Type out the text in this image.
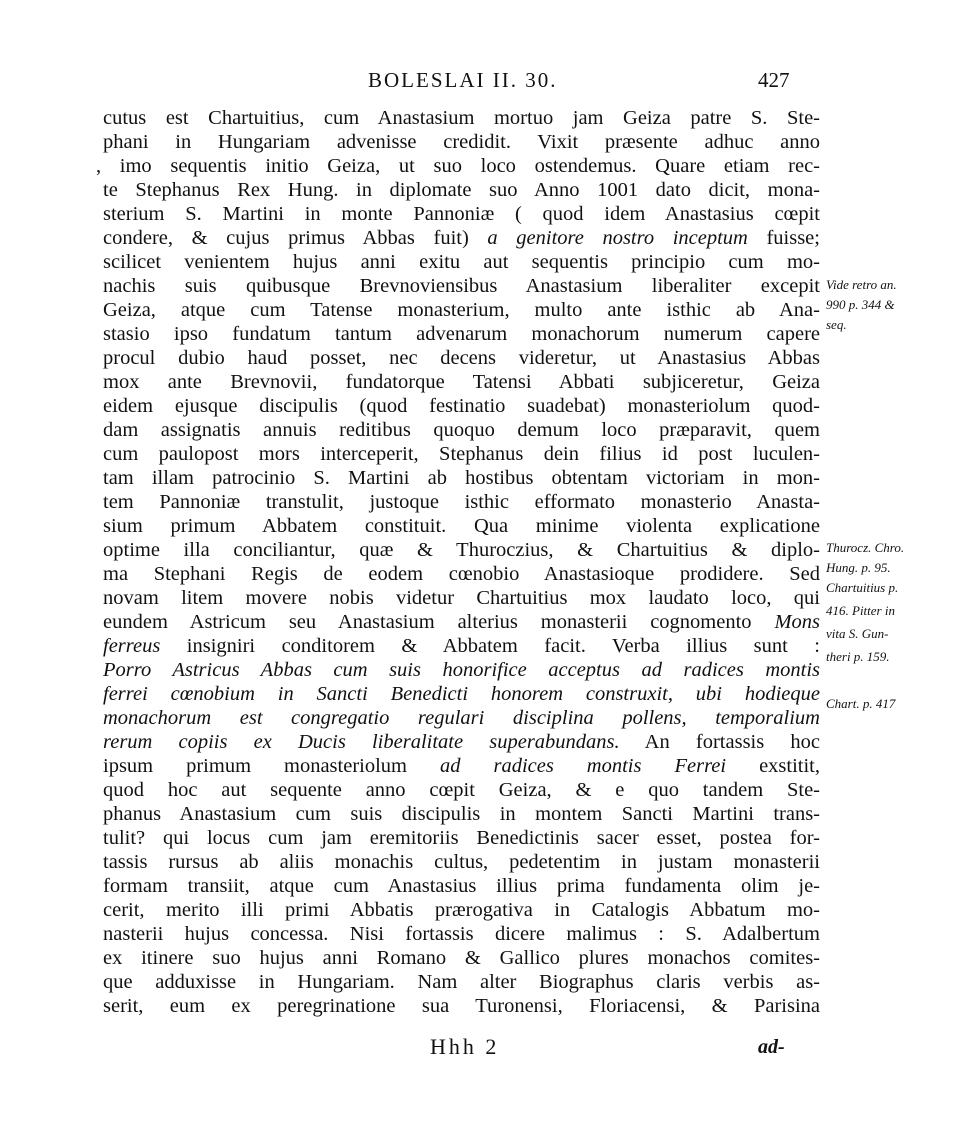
BOLESLAI II. 30.	427
cutus est Chartuitius, cum Anastasium mortuo jam Geiza patre S. Ste-
phani in Hungariam advenisse credidit. Vixit præsente adhuc anno
, imo sequentis initio Geiza, ut suo loco ostendemus. Quare etiam rec-
te Stephanus Rex Hung. in diplomate suo Anno 1001 dato dicit, mona-
sterium S. Martini in monte Pannoniæ ( quod idem Anastasius cœpit
condere, & cujus primus Abbas fuit) a genitore nostro inceptum fuisse;
scilicet venientem hujus anni exitu aut sequentis principio cum mo-
nachis suis quibusque Brevnoviensibus Anastasium liberaliter excepit
Geiza, atque cum Tatense monasterium, multo ante isthic ab Ana-
stasio ipso fundatum tantum advenarum monachorum numerum capere
procul dubio haud posset, nec decens videretur, ut Anastasius Abbas
mox ante Brevnovii, fundatorque Tatensi Abbati subjiceretur, Geiza
eidem ejusque discipulis (quod festinatio suadebat) monasteriolum quod-
dam assignatis annuis reditibus quoquo demum loco præparavit, quem
cum paulopost mors interceperit, Stephanus dein filius id post luculen-
tam illam patrocinio S. Martini ab hostibus obtentam victoriam in mon-
tem Pannoniæ transtulit, justoque isthic efformato monasterio Anasta-
sium primum Abbatem constituit. Qua minime violenta explicatione
optime illa conciliantur, quæ & Thuroczius, & Chartuitius & diplo-
ma Stephani Regis de eodem cœnobio Anastasioque prodidere. Sed
novam litem movere nobis videtur Chartuitius mox laudato loco, qui
eundem Astricum seu Anastasium alterius monasterii cognomento Mons
ferreus insigniri conditorem & Abbatem facit. Verba illius sunt :
Porro Astricus Abbas cum suis honorifice acceptus ad radices montis
ferrei cœnobium in Sancti Benedicti honorem construxit, ubi hodieque
monachorum est congregatio regulari disciplina pollens, temporalium
rerum copiis ex Ducis liberalitate superabundans. An fortassis hoc
ipsum primum monasteriolum ad radices montis Ferrei exstitit,
quod hoc aut sequente anno cœpit Geiza, & e quo tandem Ste-
phanus Anastasium cum suis discipulis in montem Sancti Martini trans-
tulit? qui locus cum jam eremitoriis Benedictinis sacer esset, postea for-
tassis rursus ab aliis monachis cultus, pedetentim in justam monasterii
formam transiit, atque cum Anastasius illius prima fundamenta olim je-
cerit, merito illi primi Abbatis prærogativa in Catalogis Abbatum mo-
nasterii hujus concessa. Nisi fortassis dicere malimus : S. Adalbertum
ex itinere suo hujus anni Romano & Gallico plures monachos comites-
que adduxisse in Hungariam. Nam alter Biographus claris verbis as-
serit, eum ex peregrinatione sua Turonensi, Floriacensi, & Parisina
Vide retro an.
990 p. 344 &
seq.
Thurocz. Chro.
Hung. p. 95.
Chartuitius p.
416. Pitter in
vita S. Gun-
theri p. 159.
Chart. p. 417
Hhh 2	ad-
